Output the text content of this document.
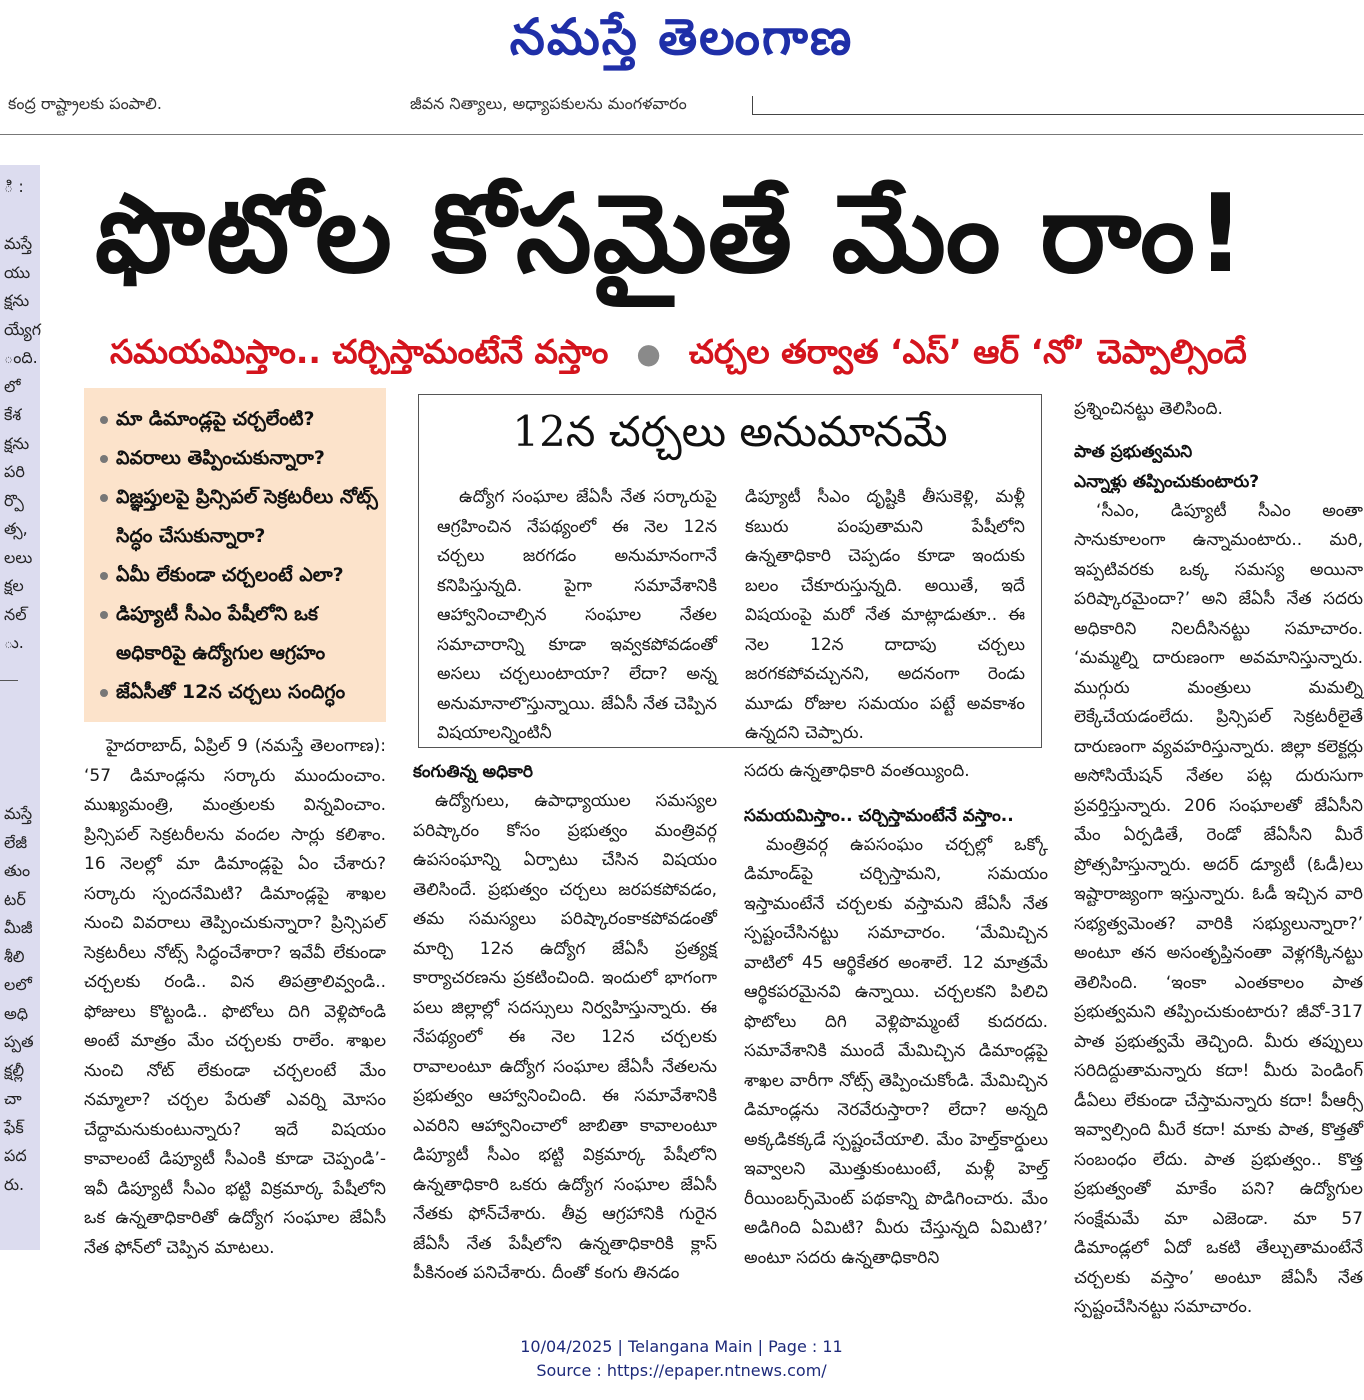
నమస్తే తెలంగాణ
కంద్ర రాష్ట్రాలకు పంపాలి.	జీవన నిత్యాలు, అధ్యాపకులను మంగళవారం
ి :
మస్తే
యు
క్షను
య్యేగ
ంది.
లో
కేశ
క్షను
పరి
ర్పొ
త్స,
లలు
క్షల
నల్
ు.
మస్తే
లేజీ
తుం
టర్
మీజీ
శీలి
లలో
అధి
ప్పత
క్షల్లీ
చా
ఫేక్
పద
రు.
ఫొటోల కోసమైతే మేం రాం!
సమయమిస్తాం.. చర్చిస్తామంటేనే వస్తాం ● చర్చల తర్వాత ‘ఎస్’ ఆర్ ‘నో’ చెప్పాల్సిందే
మా డిమాండ్లపై చర్చలేంటి?
వివరాలు తెప్పించుకున్నారా?
విజ్ఞప్తులపై ప్రిన్సిపల్ సెక్రటరీలు నోట్స్ సిద్ధం చేసుకున్నారా?
ఏమీ లేకుండా చర్చలంటే ఎలా?
డిప్యూటీ సీఎం పేషీలోని ఒక అధికారిపై ఉద్యోగుల ఆగ్రహం
జేఏసీతో 12న చర్చలు సందిగ్ధం
12న చర్చలు అనుమానమే

ఉద్యోగ సంఘాల జేఏసీ నేత సర్కారుపై ఆగ్రహించిన నేపథ్యంలో ఈ నెల 12న చర్చలు జరగడం అనుమానంగానే కనిపిస్తున్నది. పైగా సమావేశానికి ఆహ్వానించాల్సిన సంఘాల నేతల సమాచారాన్ని కూడా ఇవ్వకపోవడంతో అసలు చర్చలుంటాయా? లేదా? అన్న అనుమానాలొస్తున్నాయి. జేఏసీ నేత చెప్పిన విషయాలన్నింటినీ

డిప్యూటీ సీఎం దృష్టికి తీసుకెళ్లి, మళ్లీ కబురు పంపుతామని పేషీలోని ఉన్నతాధికారి చెప్పడం కూడా ఇందుకు బలం చేకూరుస్తున్నది. అయితే, ఇదే విషయంపై మరో నేత మాట్లాడుతూ.. ఈ నెల 12న దాదాపు చర్చలు జరగకపోవచ్చునని, అదనంగా రెండు మూడు రోజుల సమయం పట్టే అవకాశం ఉన్నదని చెప్పారు.

హైదరాబాద్, ఏప్రిల్ 9 (నమస్తే తెలంగాణ): ‘57 డిమాండ్లను సర్కారు ముందుంచాం. ముఖ్యమంత్రి, మంత్రులకు విన్నవించాం. ప్రిన్సిపల్ సెక్రటరీలను వందల సార్లు కలిశాం. 16 నెలల్లో మా డిమాండ్లపై ఏం చేశారు? సర్కారు స్పందనేమిటి? డిమాండ్లపై శాఖల నుంచి వివరాలు తెప్పించుకున్నారా? ప్రిన్సిపల్ సెక్రటరీలు నోట్స్ సిద్ధంచేశారా? ఇవేవీ లేకుండా చర్చలకు రండి.. విన తిపత్రాలివ్వండి.. ఫోజులు కొట్టండి.. ఫొటోలు దిగి వెళ్లిపోండి అంటే మాత్రం మేం చర్చలకు రాలేం. శాఖల నుంచి నోట్ లేకుండా చర్చలంటే మేం నమ్మాలా? చర్చల పేరుతో ఎవర్ని మోసం చేద్దామనుకుంటున్నారు? ఇదే విషయం కావాలంటే డిప్యూటీ సీఎంకి కూడా చెప్పండి’- ఇవీ డిప్యూటీ సీఎం భట్టి విక్రమార్క పేషీలోని ఒక ఉన్నతాధికారితో ఉద్యోగ సంఘాల జేఏసీ నేత ఫోన్‌లో చెప్పిన మాటలు.

కంగుతిన్న అధికారి

ఉద్యోగులు, ఉపాధ్యాయుల సమస్యల పరిష్కారం కోసం ప్రభుత్వం మంత్రివర్గ ఉపసంఘాన్ని ఏర్పాటు చేసిన విషయం తెలిసిందే. ప్రభుత్వం చర్చలు జరపకపోవడం, తమ సమస్యలు పరిష్కారంకాకపోవడంతో మార్చి 12న ఉద్యోగ జేఏసీ ప్రత్యక్ష కార్యాచరణను ప్రకటించింది. ఇందులో భాగంగా పలు జిల్లాల్లో సదస్సులు నిర్వహిస్తున్నారు. ఈ నేపథ్యంలో ఈ నెల 12న చర్చలకు రావాలంటూ ఉద్యోగ సంఘాల జేఏసీ నేతలను ప్రభుత్వం ఆహ్వానించింది. ఈ సమావేశానికి ఎవరిని ఆహ్వానించాలో జాబితా కావాలంటూ డిప్యూటీ సీఎం భట్టి విక్రమార్క పేషీలోని ఉన్నతాధికారి ఒకరు ఉద్యోగ సంఘాల జేఏసీ నేతకు ఫోన్‌చేశారు. తీవ్ర ఆగ్రహానికి గురైన జేఏసీ నేత పేషీలోని ఉన్నతాధికారికి క్లాస్ పీకినంత పనిచేశారు. దీంతో కంగు తినడం

సదరు ఉన్నతాధికారి వంతయ్యింది.

సమయమిస్తాం.. చర్చిస్తామంటేనే వస్తాం..

మంత్రివర్గ ఉపసంఘం చర్చల్లో ఒక్కో డిమాండ్‌పై చర్చిస్తామని, సమయం ఇస్తామంటేనే చర్చలకు వస్తామని జేఏసీ నేత స్పష్టంచేసినట్టు సమాచారం. ‘మేమిచ్చిన వాటిలో 45 ఆర్థికేతర అంశాలే. 12 మాత్రమే ఆర్థికపరమైనవి ఉన్నాయి. చర్చలకని పిలిచి ఫొటోలు దిగి వెళ్లిపొమ్మంటే కుదరదు. సమావేశానికి ముందే మేమిచ్చిన డిమాండ్లపై శాఖల వారీగా నోట్స్ తెప్పించుకోండి. మేమిచ్చిన డిమాండ్లను నెరవేరుస్తారా? లేదా? అన్నది అక్కడికక్కడే స్పష్టంచేయాలి. మేం హెల్త్‌కార్డులు ఇవ్వాలని మొత్తుకుంటుంటే, మళ్లీ హెల్త్ రీయింబర్స్‌మెంట్ పథకాన్ని పొడిగించారు. మేం అడిగింది ఏమిటి? మీరు చేస్తున్నది ఏమిటి?’ అంటూ సదరు ఉన్నతాధికారిని

ప్రశ్నించినట్టు తెలిసింది.

పాత ప్రభుత్వమని

ఎన్నాళ్లు తప్పించుకుంటారు?

‘సీఎం, డిప్యూటీ సీఎం అంతా సానుకూలంగా ఉన్నామంటారు.. మరి, ఇప్పటివరకు ఒక్క సమస్య అయినా పరిష్కారమైందా?’ అని జేఏసీ నేత సదరు అధికారిని నిలదీసినట్టు సమాచారం. ‘మమ్మల్ని దారుణంగా అవమానిస్తున్నారు. ముగ్గురు మంత్రులు మమల్ని లెక్కేచేయడంలేదు. ప్రిన్సిపల్ సెక్రటరీలైతే దారుణంగా వ్యవహరిస్తున్నారు. జిల్లా కలెక్టర్లు అసోసియేషన్ నేతల పట్ల దురుసుగా ప్రవర్తిస్తున్నారు. 206 సంఘాలతో జేఏసీని మేం ఏర్పడితే, రెండో జేఏసీని మీరే ప్రోత్సహిస్తున్నారు. అదర్ డ్యూటీ (ఓడీ)లు ఇష్టారాజ్యంగా ఇస్తున్నారు. ఓడీ ఇచ్చిన వారి సభ్యత్వమెంత? వారికి సభ్యులున్నారా?’ అంటూ తన అసంతృప్తినంతా వెళ్లగక్కినట్టు తెలిసింది. ‘ఇంకా ఎంతకాలం పాత ప్రభుత్వమని తప్పించుకుంటారు? జీవో-317 పాత ప్రభుత్వమే తెచ్చింది. మీరు తప్పులు సరిదిద్దుతామన్నారు కదా! మీరు పెండింగ్ డీఏలు లేకుండా చేస్తామన్నారు కదా! పీఆర్సీ ఇవ్వాల్సింది మీరే కదా! మాకు పాత, కొత్తతో సంబంధం లేదు. పాత ప్రభుత్వం.. కొత్త ప్రభుత్వంతో మాకేం పని? ఉద్యోగుల సంక్షేమమే మా ఎజెండా. మా 57 డిమాండ్లలో ఏదో ఒకటి తేల్చుతామంటేనే చర్చలకు వస్తాం’ అంటూ జేఏసీ నేత స్పష్టంచేసినట్టు సమాచారం.

10/04/2025 | Telangana Main | Page : 11
Source : https://epaper.ntnews.com/
